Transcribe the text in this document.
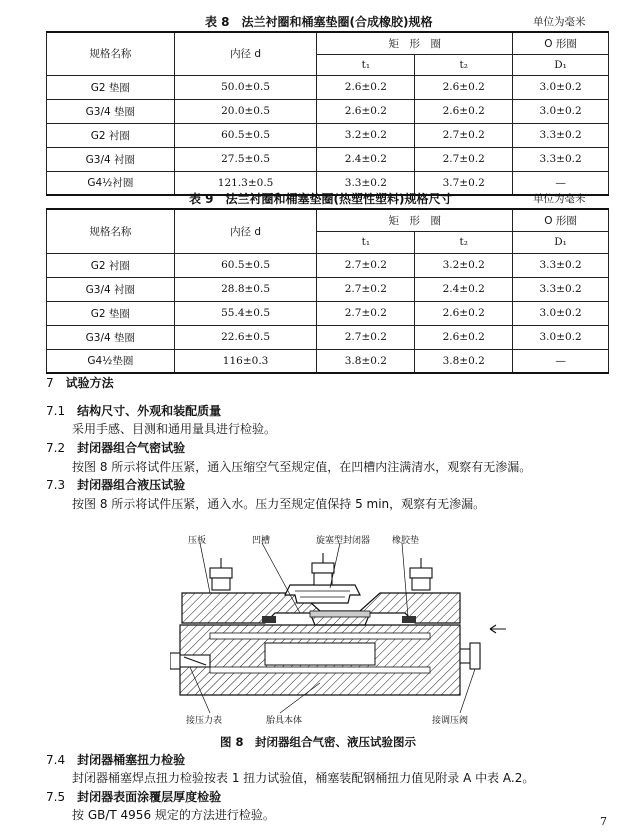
表 8　法兰衬圈和桶塞垫圈(合成橡胶)规格	单位为毫米
规格名称	内径 d	矩　形　圈		O 形圈
		t₁	t₂	D₁
G2 垫圈	50.0±0.5	2.6±0.2	2.6±0.2	3.0±0.2
G3/4 垫圈	20.0±0.5	2.6±0.2	2.6±0.2	3.0±0.2
G2 衬圈	60.5±0.5	3.2±0.2	2.7±0.2	3.3±0.2
G3/4 衬圈	27.5±0.5	2.4±0.2	2.7±0.2	3.3±0.2
G4½衬圈	121.3±0.5	3.3±0.2	3.7±0.2	—
表 9　法兰衬圈和桶塞垫圈(热塑性塑料)规格尺寸	单位为毫米
规格名称	内径 d	矩　形　圈		O 形圈
		t₁	t₂	D₁
G2 衬圈	60.5±0.5	2.7±0.2	3.2±0.2	3.3±0.2
G3/4 衬圈	28.8±0.5	2.7±0.2	2.4±0.2	3.3±0.2
G2 垫圈	55.4±0.5	2.7±0.2	2.6±0.2	3.0±0.2
G3/4 垫圈	22.6±0.5	2.7±0.2	2.6±0.2	3.0±0.2
G4½垫圈	116±0.3	3.8±0.2	3.8±0.2	—
7  试验方法
7.1  结构尺寸、外观和装配质量
采用手感、目测和通用量具进行检验。
7.2  封闭器组合气密试验
按图 8 所示将试件压紧，通入压缩空气至规定值，在凹槽内注满清水，观察有无渗漏。
7.3  封闭器组合液压试验
按图 8 所示将试件压紧，通入水。压力至规定值保持 5 min，观察有无渗漏。
压板	凹槽	旋塞型封闭器 橡胶垫
接压力表	胎具本体	接调压阀
图 8　封闭器组合气密、液压试验图示
7.4  封闭器桶塞扭力检验
封闭器桶塞焊点扭力检验按表 1 扭力试验值，桶塞装配钢桶扭力值见附录 A 中表 A.2。
7.5  封闭器表面涂覆层厚度检验
按 GB/T 4956 规定的方法进行检验。	7
